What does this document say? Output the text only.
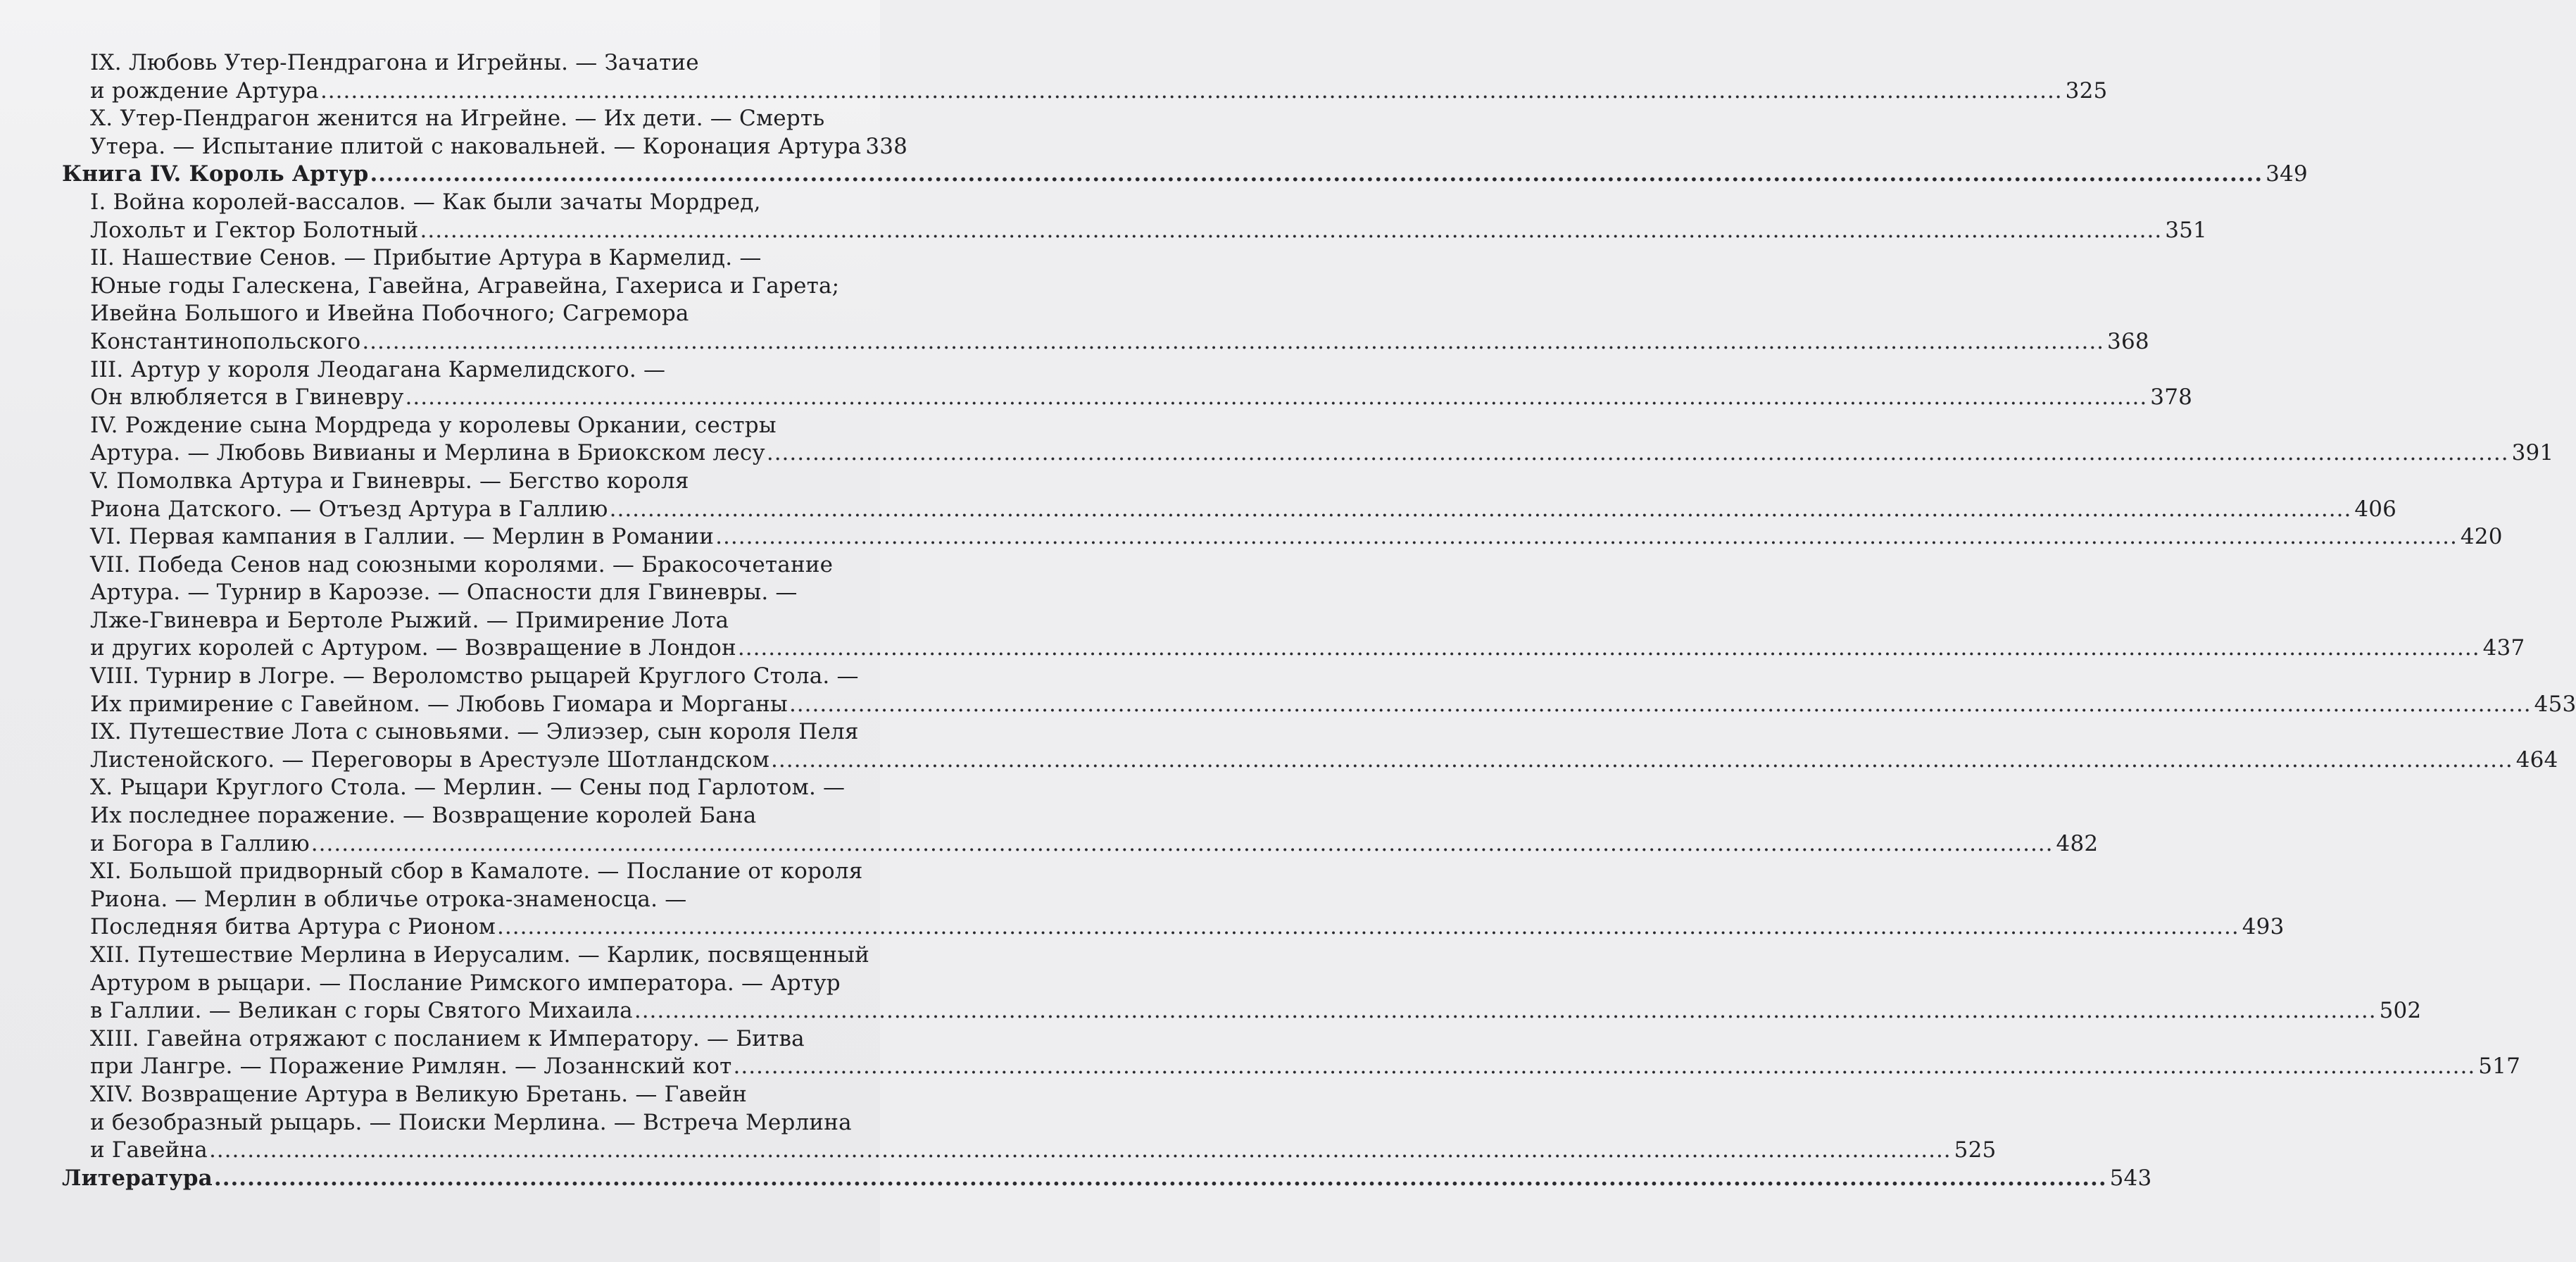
IX. Любовь Утер-Пендрагона и Игрейны. — Зачатие
и рождение Артура .....	325
X. Утер-Пендрагон женится на Игрейне. — Их дети. — Смерть
Утера. — Испытание плитой с наковальней. — Коронация Артура 338
Книга IV. Король Артур .....	349
I. Война королей-вассалов. — Как были зачаты Мордред,
Лохольт и Гектор Болотный .....	351
II. Нашествие Сенов. — Прибытие Артура в Кармелид. —
Юные годы Галескена, Гавейна, Агравейна, Гахериса и Гарета;
Ивейна Большого и Ивейна Побочного; Сагремора
Константинопольского .....	368
III. Артур у короля Леодагана Кармелидского. —
Он влюбляется в Гвиневру .....	378
IV. Рождение сына Мордреда у королевы Оркании, сестры
Артура. — Любовь Вивианы и Мерлина в Бриокском лесу .....	391
V. Помолвка Артура и Гвиневры. — Бегство короля
Риона Датского. — Отъезд Артура в Галлию .....	406
VI. Первая кампания в Галлии. — Мерлин в Романии .....	420
VII. Победа Сенов над союзными королями. — Бракосочетание
Артура. — Турнир в Кароэзе. — Опасности для Гвиневры. —
Лже-Гвиневра и Бертоле Рыжий. — Примирение Лота
и других королей с Артуром. — Возвращение в Лондон .....	437
VIII. Турнир в Логре. — Вероломство рыцарей Круглого Стола. —
Их примирение с Гавейном. — Любовь Гиомара и Морганы .....	453
IX. Путешествие Лота с сыновьями. — Элиэзер, сын короля Пеля
Листенойского. — Переговоры в Арестуэле Шотландском .....	464
X. Рыцари Круглого Стола. — Мерлин. — Сены под Гарлотом. —
Их последнее поражение. — Возвращение королей Бана
и Богора в Галлию .....	482
XI. Большой придворный сбор в Камалоте. — Послание от короля
Риона. — Мерлин в обличье отрока-знаменосца. —
Последняя битва Артура с Рионом .....	493
XII. Путешествие Мерлина в Иерусалим. — Карлик, посвященный
Артуром в рыцари. — Послание Римского императора. — Артур
в Галлии. — Великан с горы Святого Михаила .....	502
XIII. Гавейна отряжают с посланием к Императору. — Битва
при Лангре. — Поражение Римлян. — Лозаннский кот .....	517
XIV. Возвращение Артура в Великую Бретань. — Гавейн
и безобразный рыцарь. — Поиски Мерлина. — Встреча Мерлина
и Гавейна .....	525
Литература .....	543
